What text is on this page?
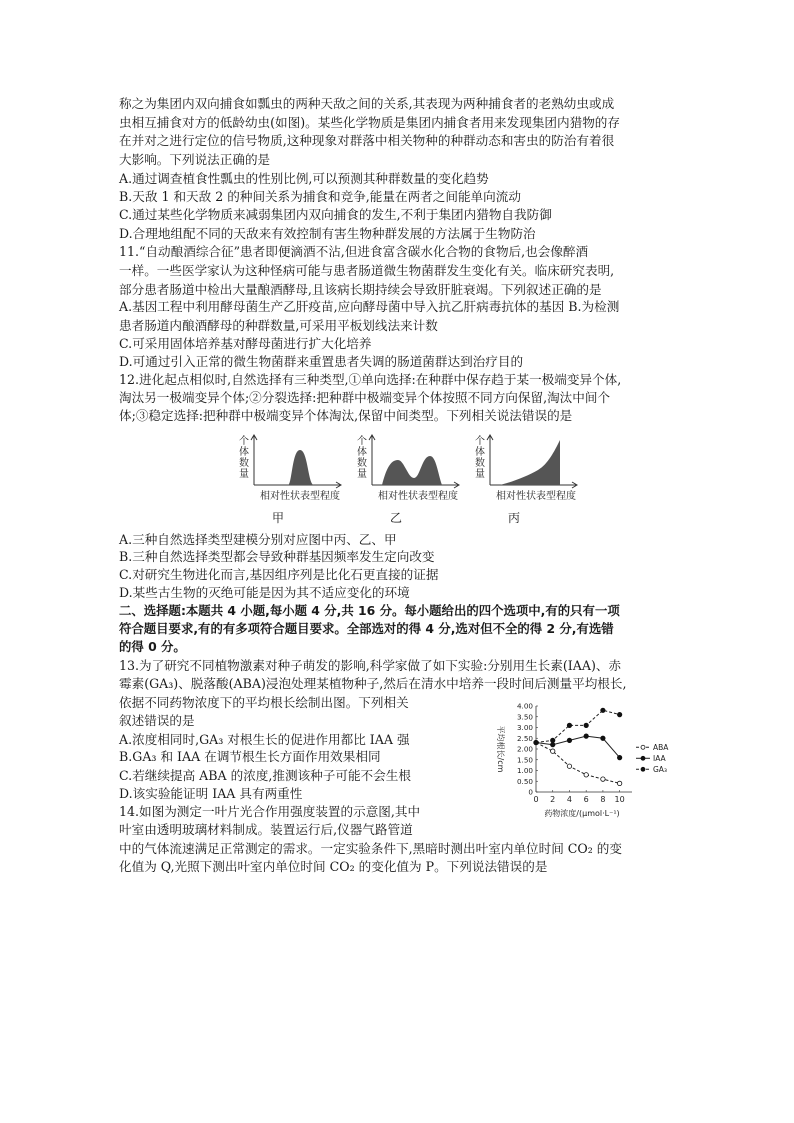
称之为集团内双向捕食如瓢虫的两种天敌之间的关系,其表现为两种捕食者的老熟幼虫或成
虫相互捕食对方的低龄幼虫(如图)。某些化学物质是集团内捕食者用来发现集团内猎物的存
在并对之进行定位的信号物质,这种现象对群落中相关物种的种群动态和害虫的防治有着很
大影响。下列说法正确的是
A.通过调查植食性瓢虫的性别比例,可以预测其种群数量的变化趋势
B.天敌 1 和天敌 2 的种间关系为捕食和竞争,能量在两者之间能单向流动
C.通过某些化学物质来减弱集团内双向捕食的发生,不利于集团内猎物自我防御
D.合理地组配不同的天敌来有效控制有害生物种群发展的方法属于生物防治
11.“自动酿酒综合征”患者即便滴酒不沾,但进食富含碳水化合物的食物后,也会像醉酒
一样。一些医学家认为这种怪病可能与患者肠道微生物菌群发生变化有关。临床研究表明,
部分患者肠道中检出大量酿酒酵母,且该病长期持续会导致肝脏衰竭。下列叙述正确的是
A.基因工程中利用酵母菌生产乙肝疫苗,应向酵母菌中导入抗乙肝病毒抗体的基因 B.为检测
患者肠道内酿酒酵母的种群数量,可采用平板划线法来计数
C.可采用固体培养基对酵母菌进行扩大化培养
D.可通过引入正常的微生物菌群来重置患者失调的肠道菌群达到治疗目的
12.进化起点相似时,自然选择有三种类型,①单向选择:在种群中保存趋于某一极端变异个体,
淘汰另一极端变异个体;②分裂选择:把种群中极端变异个体按照不同方向保留,淘汰中间个
体;③稳定选择:把种群中极端变异个体淘汰,保留中间类型。下列相关说法错误的是
个
体
数
量
相对性状表型程度
个
体
数
量
相对性状表型程度
个
体
数
量
相对性状表型程度
甲	乙	丙
A.三种自然选择类型建模分别对应图中丙、乙、甲
B.三种自然选择类型都会导致种群基因频率发生定向改变
C.对研究生物进化而言,基因组序列是比化石更直接的证据
D.某些古生物的灭绝可能是因为其不适应变化的环境
二、选择题:本题共 4 小题,每小题 4 分,共 16 分。每小题给出的四个选项中,有的只有一项
符合题目要求,有的有多项符合题目要求。全部选对的得 4 分,选对但不全的得 2 分,有选错
的得 0 分。
13.为了研究不同植物激素对种子萌发的影响,科学家做了如下实验:分别用生长素(IAA)、赤
霉素(GA₃)、脱落酸(ABA)浸泡处理某植物种子,然后在清水中培养一段时间后测量平均根长,
依据不同药物浓度下的平均根长绘制出图。下列相关
叙述错误的是
A.浓度相同时,GA₃ 对根生长的促进作用都比 IAA 强
B.GA₃ 和 IAA 在调节根生长方面作用效果相同
C.若继续提高 ABA 的浓度,推测该种子可能不会生根
D.该实验能证明 IAA 具有两重性	0
0.50
1.00
1.50
2.00
2.50
3.00
3.50
4.00
0 2 4 6 8 10
药物浓度/(μmol·L⁻¹)
平均根长/cm	ABA
IAA
GA₃
14.如图为测定一叶片光合作用强度装置的示意图,其中
叶室由透明玻璃材料制成。装置运行后,仪器气路管道
中的气体流速满足正常测定的需求。一定实验条件下,黑暗时测出叶室内单位时间 CO₂ 的变
化值为 Q,光照下测出叶室内单位时间 CO₂ 的变化值为 P。下列说法错误的是
